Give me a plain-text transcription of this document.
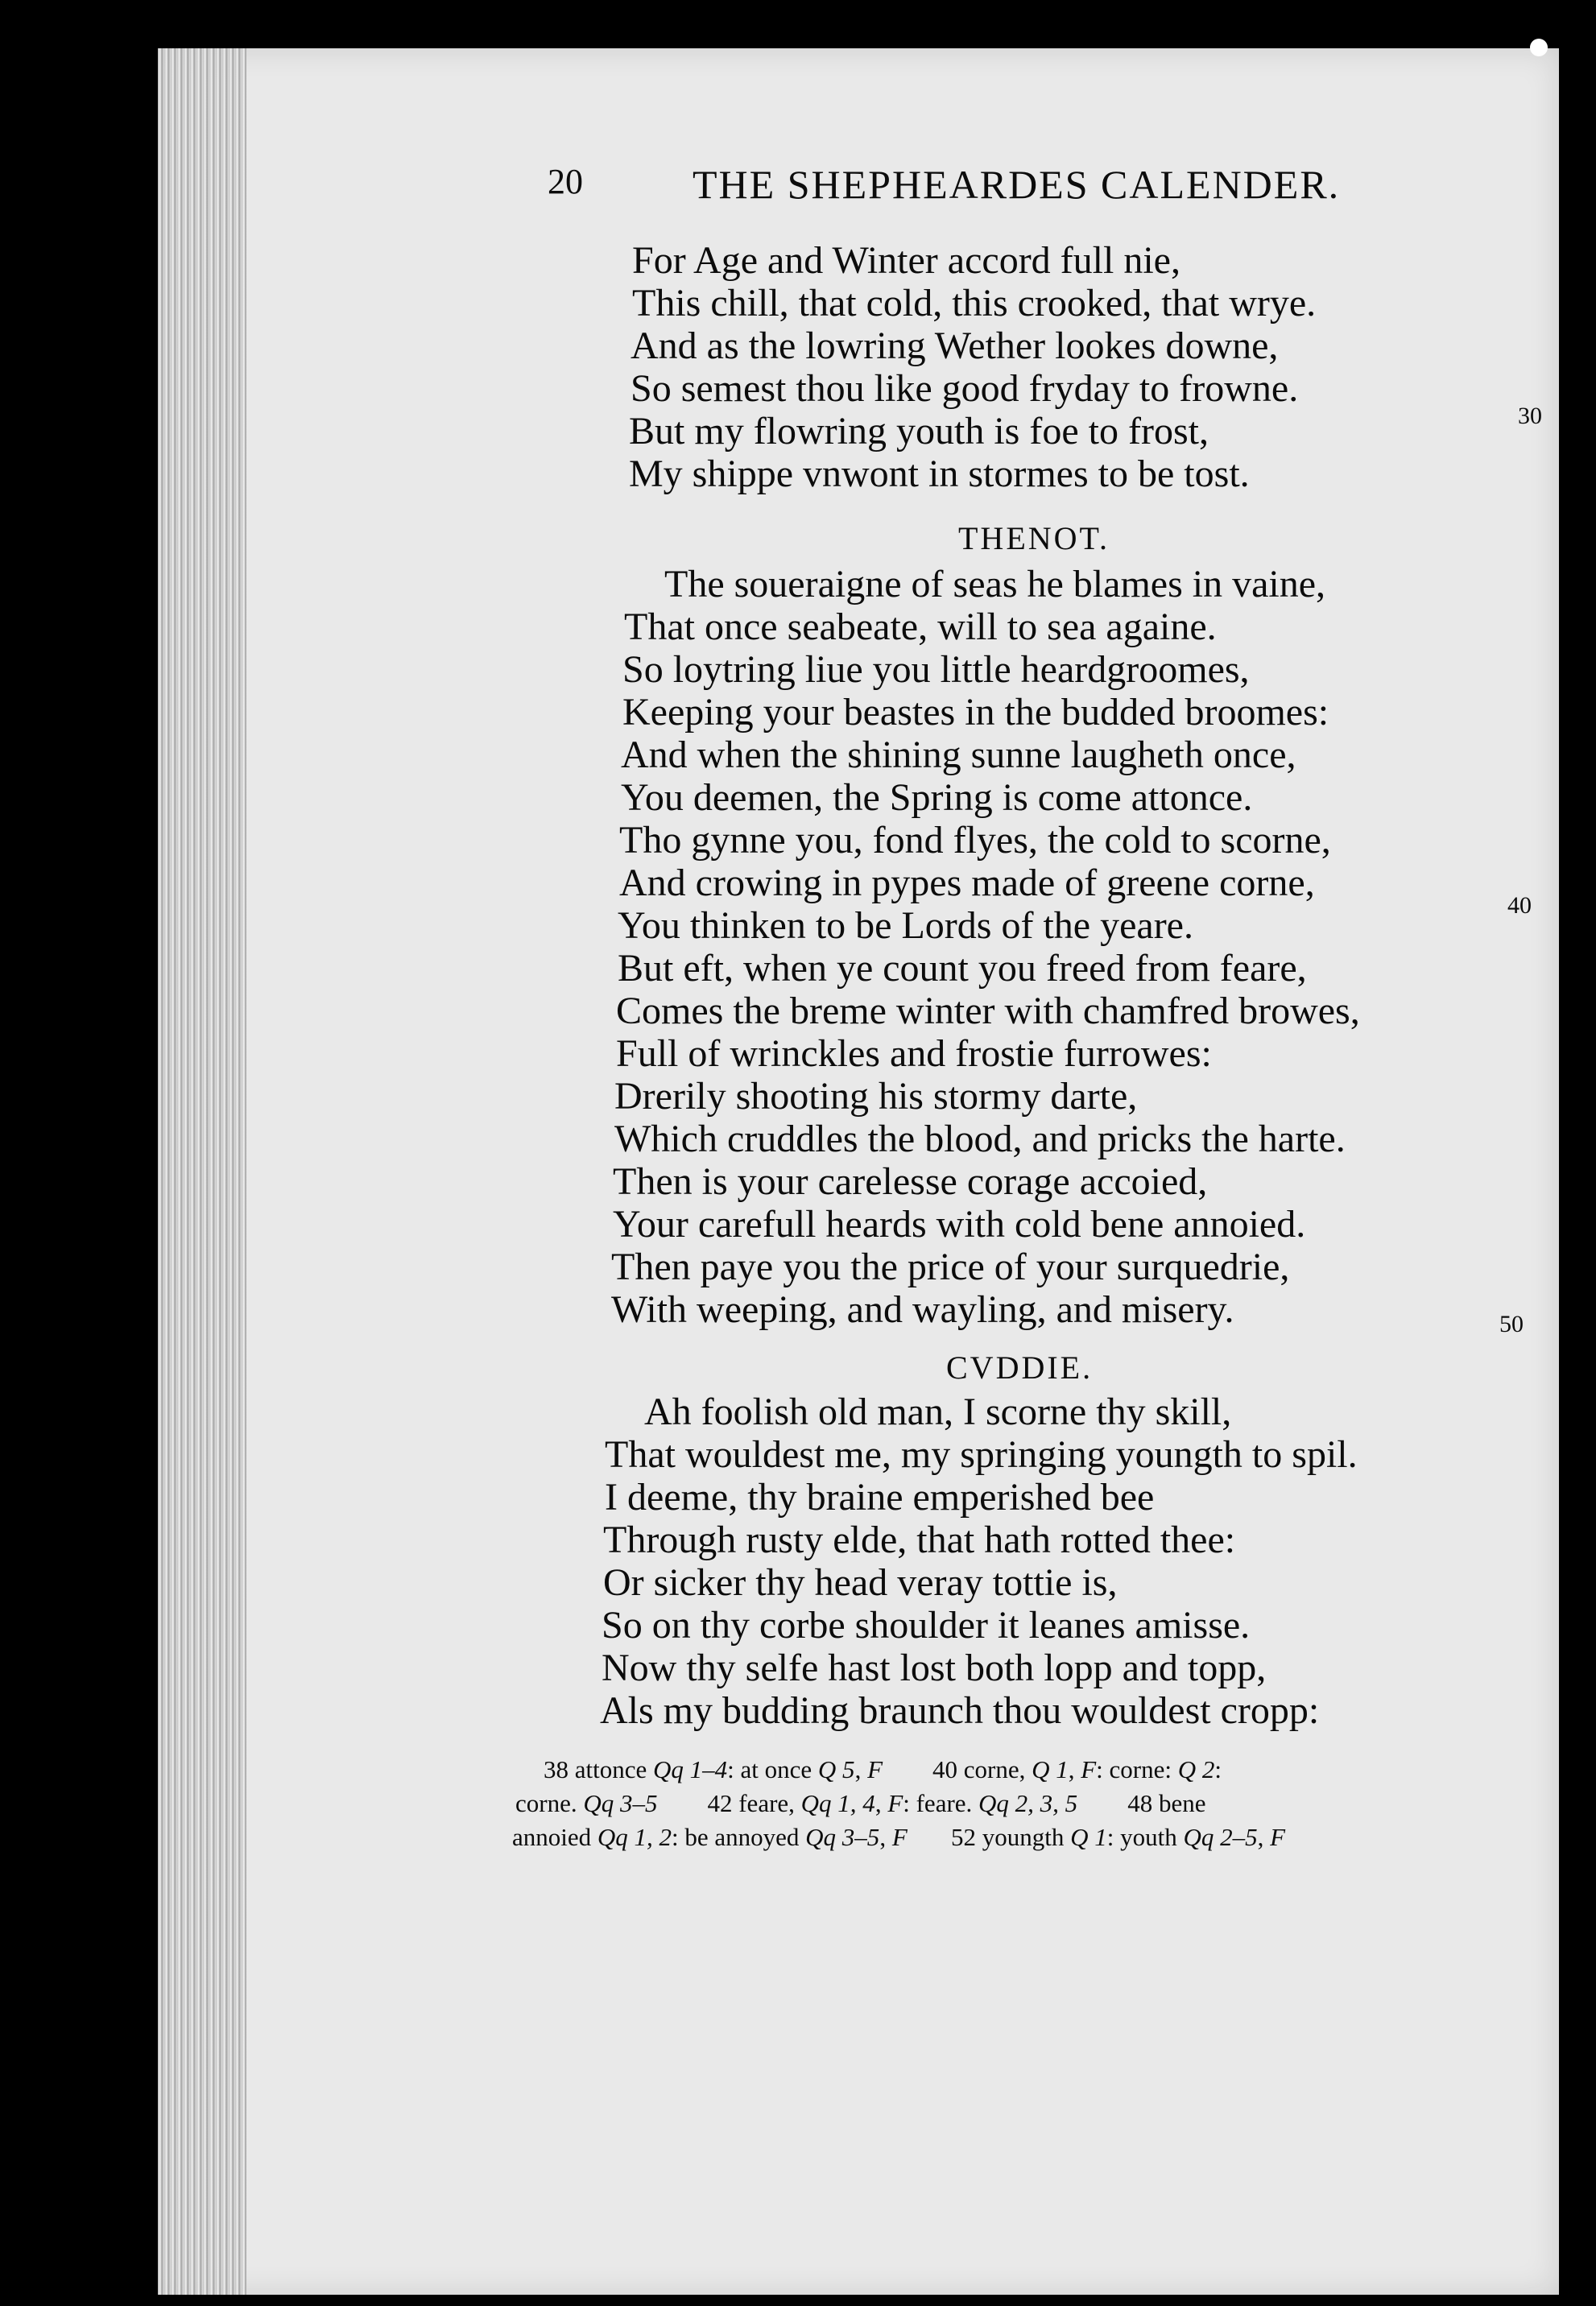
20	THE SHEPHEARDES CALENDER.
For Age and Winter accord full nie,
This chill, that cold, this crooked, that wrye.
And as the lowring Wether lookes downe,
So semest thou like good fryday to frowne.
But my flowring youth is foe to frost,
My shippe vnwont in stormes to be tost.
THENOT.
The soueraigne of seas he blames in vaine,
That once seabeate, will to sea againe.
So loytring liue you little heardgroomes,
Keeping your beastes in the budded broomes:
And when the shining sunne laugheth once,
You deemen, the Spring is come attonce.
Tho gynne you, fond flyes, the cold to scorne,
And crowing in pypes made of greene corne,
You thinken to be Lords of the yeare.
But eft, when ye count you freed from feare,
Comes the breme winter with chamfred browes,
Full of wrinckles and frostie furrowes:
Drerily shooting his stormy darte,
Which cruddles the blood, and pricks the harte.
Then is your carelesse corage accoied,
Your carefull heards with cold bene annoied.
Then paye you the price of your surquedrie,
With weeping, and wayling, and misery.
CVDDIE.
Ah foolish old man, I scorne thy skill,
That wouldest me, my springing youngth to spil.
I deeme, thy braine emperished bee
Through rusty elde, that hath rotted thee:
Or sicker thy head veray tottie is,
So on thy corbe shoulder it leanes amisse.
Now thy selfe hast lost both lopp and topp,
Als my budding braunch thou wouldest cropp:
30
40
50
38 attonce Qq 1–4: at once Q 5, F        40 corne, Q 1, F: corne: Q 2:
corne. Qq 3–5        42 feare, Qq 1, 4, F: feare. Qq 2, 3, 5        48 bene
annoied Qq 1, 2: be annoyed Qq 3–5, F       52 youngth Q 1: youth Qq 2–5, F
